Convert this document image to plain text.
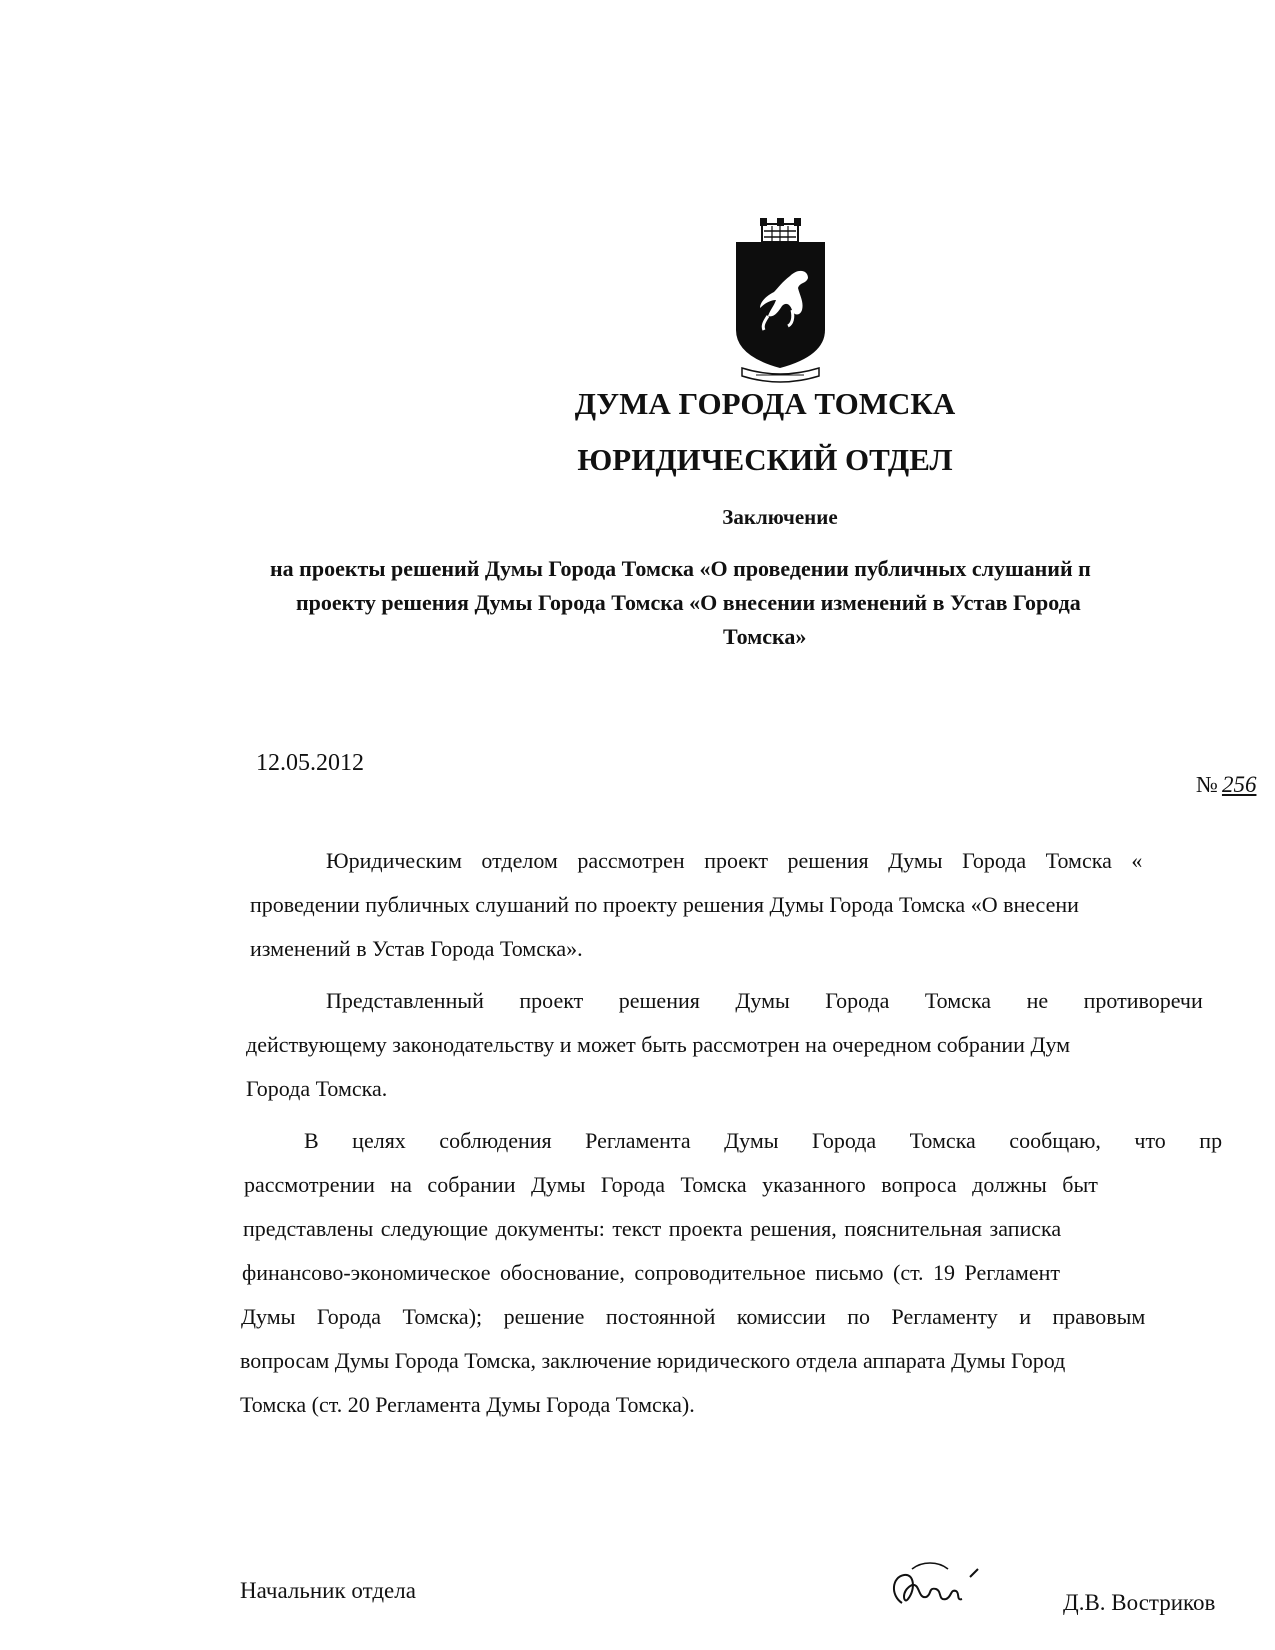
ДУМА ГОРОДА ТОМСКА
ЮРИДИЧЕСКИЙ ОТДЕЛ
Заключение
на проекты решений Думы Города Томска «О проведении публичных слушаний п
проекту решения Думы Города Томска «О внесении изменений в Устав Города
Томска»
12.05.2012
№ 256
Юридическим отделом рассмотрен проект решения Думы Города Томска «
проведении публичных слушаний по проекту решения Думы Города Томска «О внесени
изменений в Устав Города Томска».
Представленный проект решения Думы Города Томска не противоречи
действующему законодательству и может быть рассмотрен на очередном собрании Дум
Города Томска.
В целях соблюдения Регламента Думы Города Томска сообщаю, что пр
рассмотрении на собрании Думы Города Томска указанного вопроса должны быт
представлены следующие документы: текст проекта решения, пояснительная записка
финансово-экономическое обоснование, сопроводительное письмо (ст. 19 Регламент
Думы Города Томска); решение постоянной комиссии по Регламенту и правовым
вопросам Думы Города Томска, заключение юридического отдела аппарата Думы Город
Томска (ст. 20 Регламента Думы Города Томска).
Начальник отдела	Д.В. Востриков
